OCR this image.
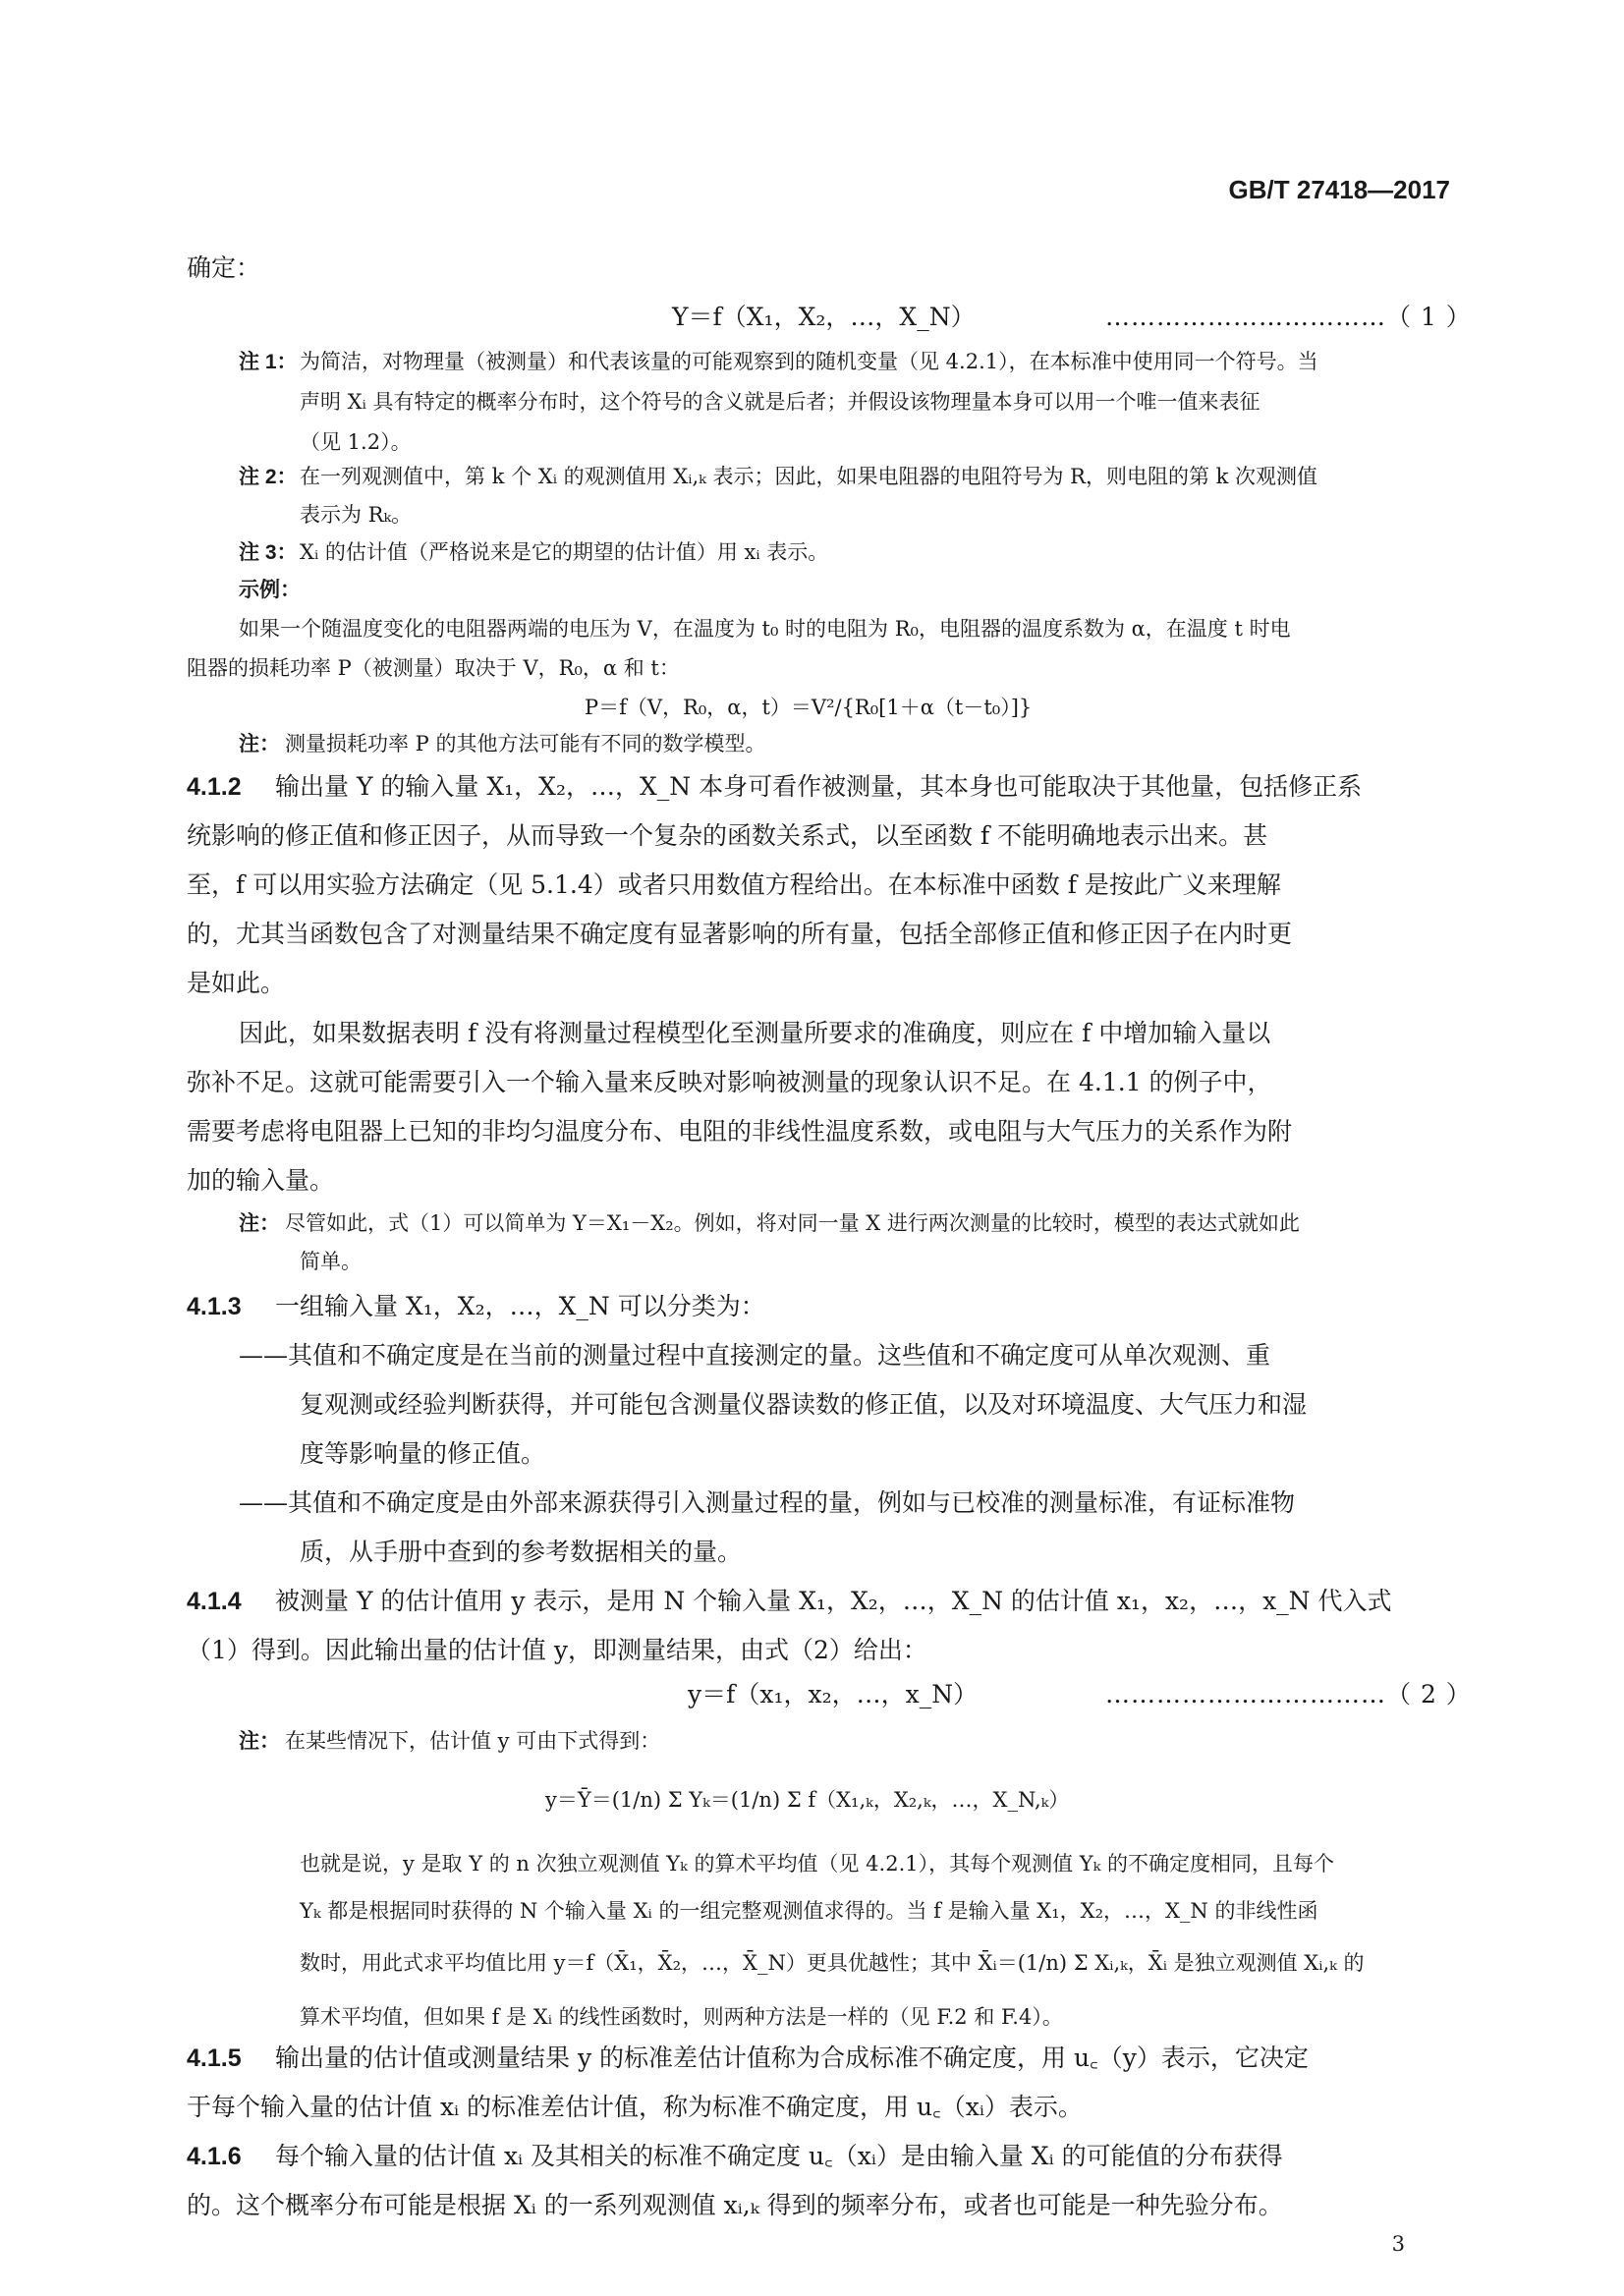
GB/T 27418—2017
确定：
Y＝f（X₁，X₂，…，X_N）	……………………………（ 1 ）
注 1： 为简洁，对物理量（被测量）和代表该量的可能观察到的随机变量（见 4.2.1），在本标准中使用同一个符号。当
声明 Xᵢ 具有特定的概率分布时，这个符号的含义就是后者；并假设该物理量本身可以用一个唯一值来表征
（见 1.2）。
注 2： 在一列观测值中，第 k 个 Xᵢ 的观测值用 Xᵢ,ₖ 表示；因此，如果电阻器的电阻符号为 R，则电阻的第 k 次观测值
表示为 Rₖ。
注 3： Xᵢ 的估计值（严格说来是它的期望的估计值）用 xᵢ 表示。
示例：
如果一个随温度变化的电阻器两端的电压为 V，在温度为 t₀ 时的电阻为 R₀，电阻器的温度系数为 α，在温度 t 时电
阻器的损耗功率 P（被测量）取决于 V，R₀，α 和 t：
P＝f（V，R₀，α，t）＝V²/{R₀[1＋α（t－t₀）]}
注： 测量损耗功率 P 的其他方法可能有不同的数学模型。
4.1.2 输出量 Y 的输入量 X₁，X₂，…，X_N 本身可看作被测量，其本身也可能取决于其他量，包括修正系
统影响的修正值和修正因子，从而导致一个复杂的函数关系式，以至函数 f 不能明确地表示出来。甚
至，f 可以用实验方法确定（见 5.1.4）或者只用数值方程给出。在本标准中函数 f 是按此广义来理解
的，尤其当函数包含了对测量结果不确定度有显著影响的所有量，包括全部修正值和修正因子在内时更
是如此。
因此，如果数据表明 f 没有将测量过程模型化至测量所要求的准确度，则应在 f 中增加输入量以
弥补不足。这就可能需要引入一个输入量来反映对影响被测量的现象认识不足。在 4.1.1 的例子中，
需要考虑将电阻器上已知的非均匀温度分布、电阻的非线性温度系数，或电阻与大气压力的关系作为附
加的输入量。
注： 尽管如此，式（1）可以简单为 Y＝X₁－X₂。例如，将对同一量 X 进行两次测量的比较时，模型的表达式就如此
简单。
4.1.3 一组输入量 X₁，X₂，…，X_N 可以分类为：
——其值和不确定度是在当前的测量过程中直接测定的量。这些值和不确定度可从单次观测、重
复观测或经验判断获得，并可能包含测量仪器读数的修正值，以及对环境温度、大气压力和湿
度等影响量的修正值。
——其值和不确定度是由外部来源获得引入测量过程的量，例如与已校准的测量标准，有证标准物
质，从手册中查到的参考数据相关的量。
4.1.4 被测量 Y 的估计值用 y 表示，是用 N 个输入量 X₁，X₂，…，X_N 的估计值 x₁，x₂，…，x_N 代入式
（1）得到。因此输出量的估计值 y，即测量结果，由式（2）给出：
y＝f（x₁，x₂，…，x_N）	……………………………（ 2 ）
注： 在某些情况下，估计值 y 可由下式得到：
y＝Ȳ＝(1/n) Σ Yₖ＝(1/n) Σ f（X₁,ₖ，X₂,ₖ，…，X_N,ₖ）
也就是说，y 是取 Y 的 n 次独立观测值 Yₖ 的算术平均值（见 4.2.1），其每个观测值 Yₖ 的不确定度相同，且每个
Yₖ 都是根据同时获得的 N 个输入量 Xᵢ 的一组完整观测值求得的。当 f 是输入量 X₁，X₂，…，X_N 的非线性函
数时，用此式求平均值比用 y＝f（X̄₁，X̄₂，…，X̄_N）更具优越性；其中 X̄ᵢ＝(1/n) Σ Xᵢ,ₖ，X̄ᵢ 是独立观测值 Xᵢ,ₖ 的
算术平均值，但如果 f 是 Xᵢ 的线性函数时，则两种方法是一样的（见 F.2 和 F.4）。
4.1.5 输出量的估计值或测量结果 y 的标准差估计值称为合成标准不确定度，用 u꜀（y）表示，它决定
于每个输入量的估计值 xᵢ 的标准差估计值，称为标准不确定度，用 u꜀（xᵢ）表示。
4.1.6 每个输入量的估计值 xᵢ 及其相关的标准不确定度 u꜀（xᵢ）是由输入量 Xᵢ 的可能值的分布获得
的。这个概率分布可能是根据 Xᵢ 的一系列观测值 xᵢ,ₖ 得到的频率分布，或者也可能是一种先验分布。
3
